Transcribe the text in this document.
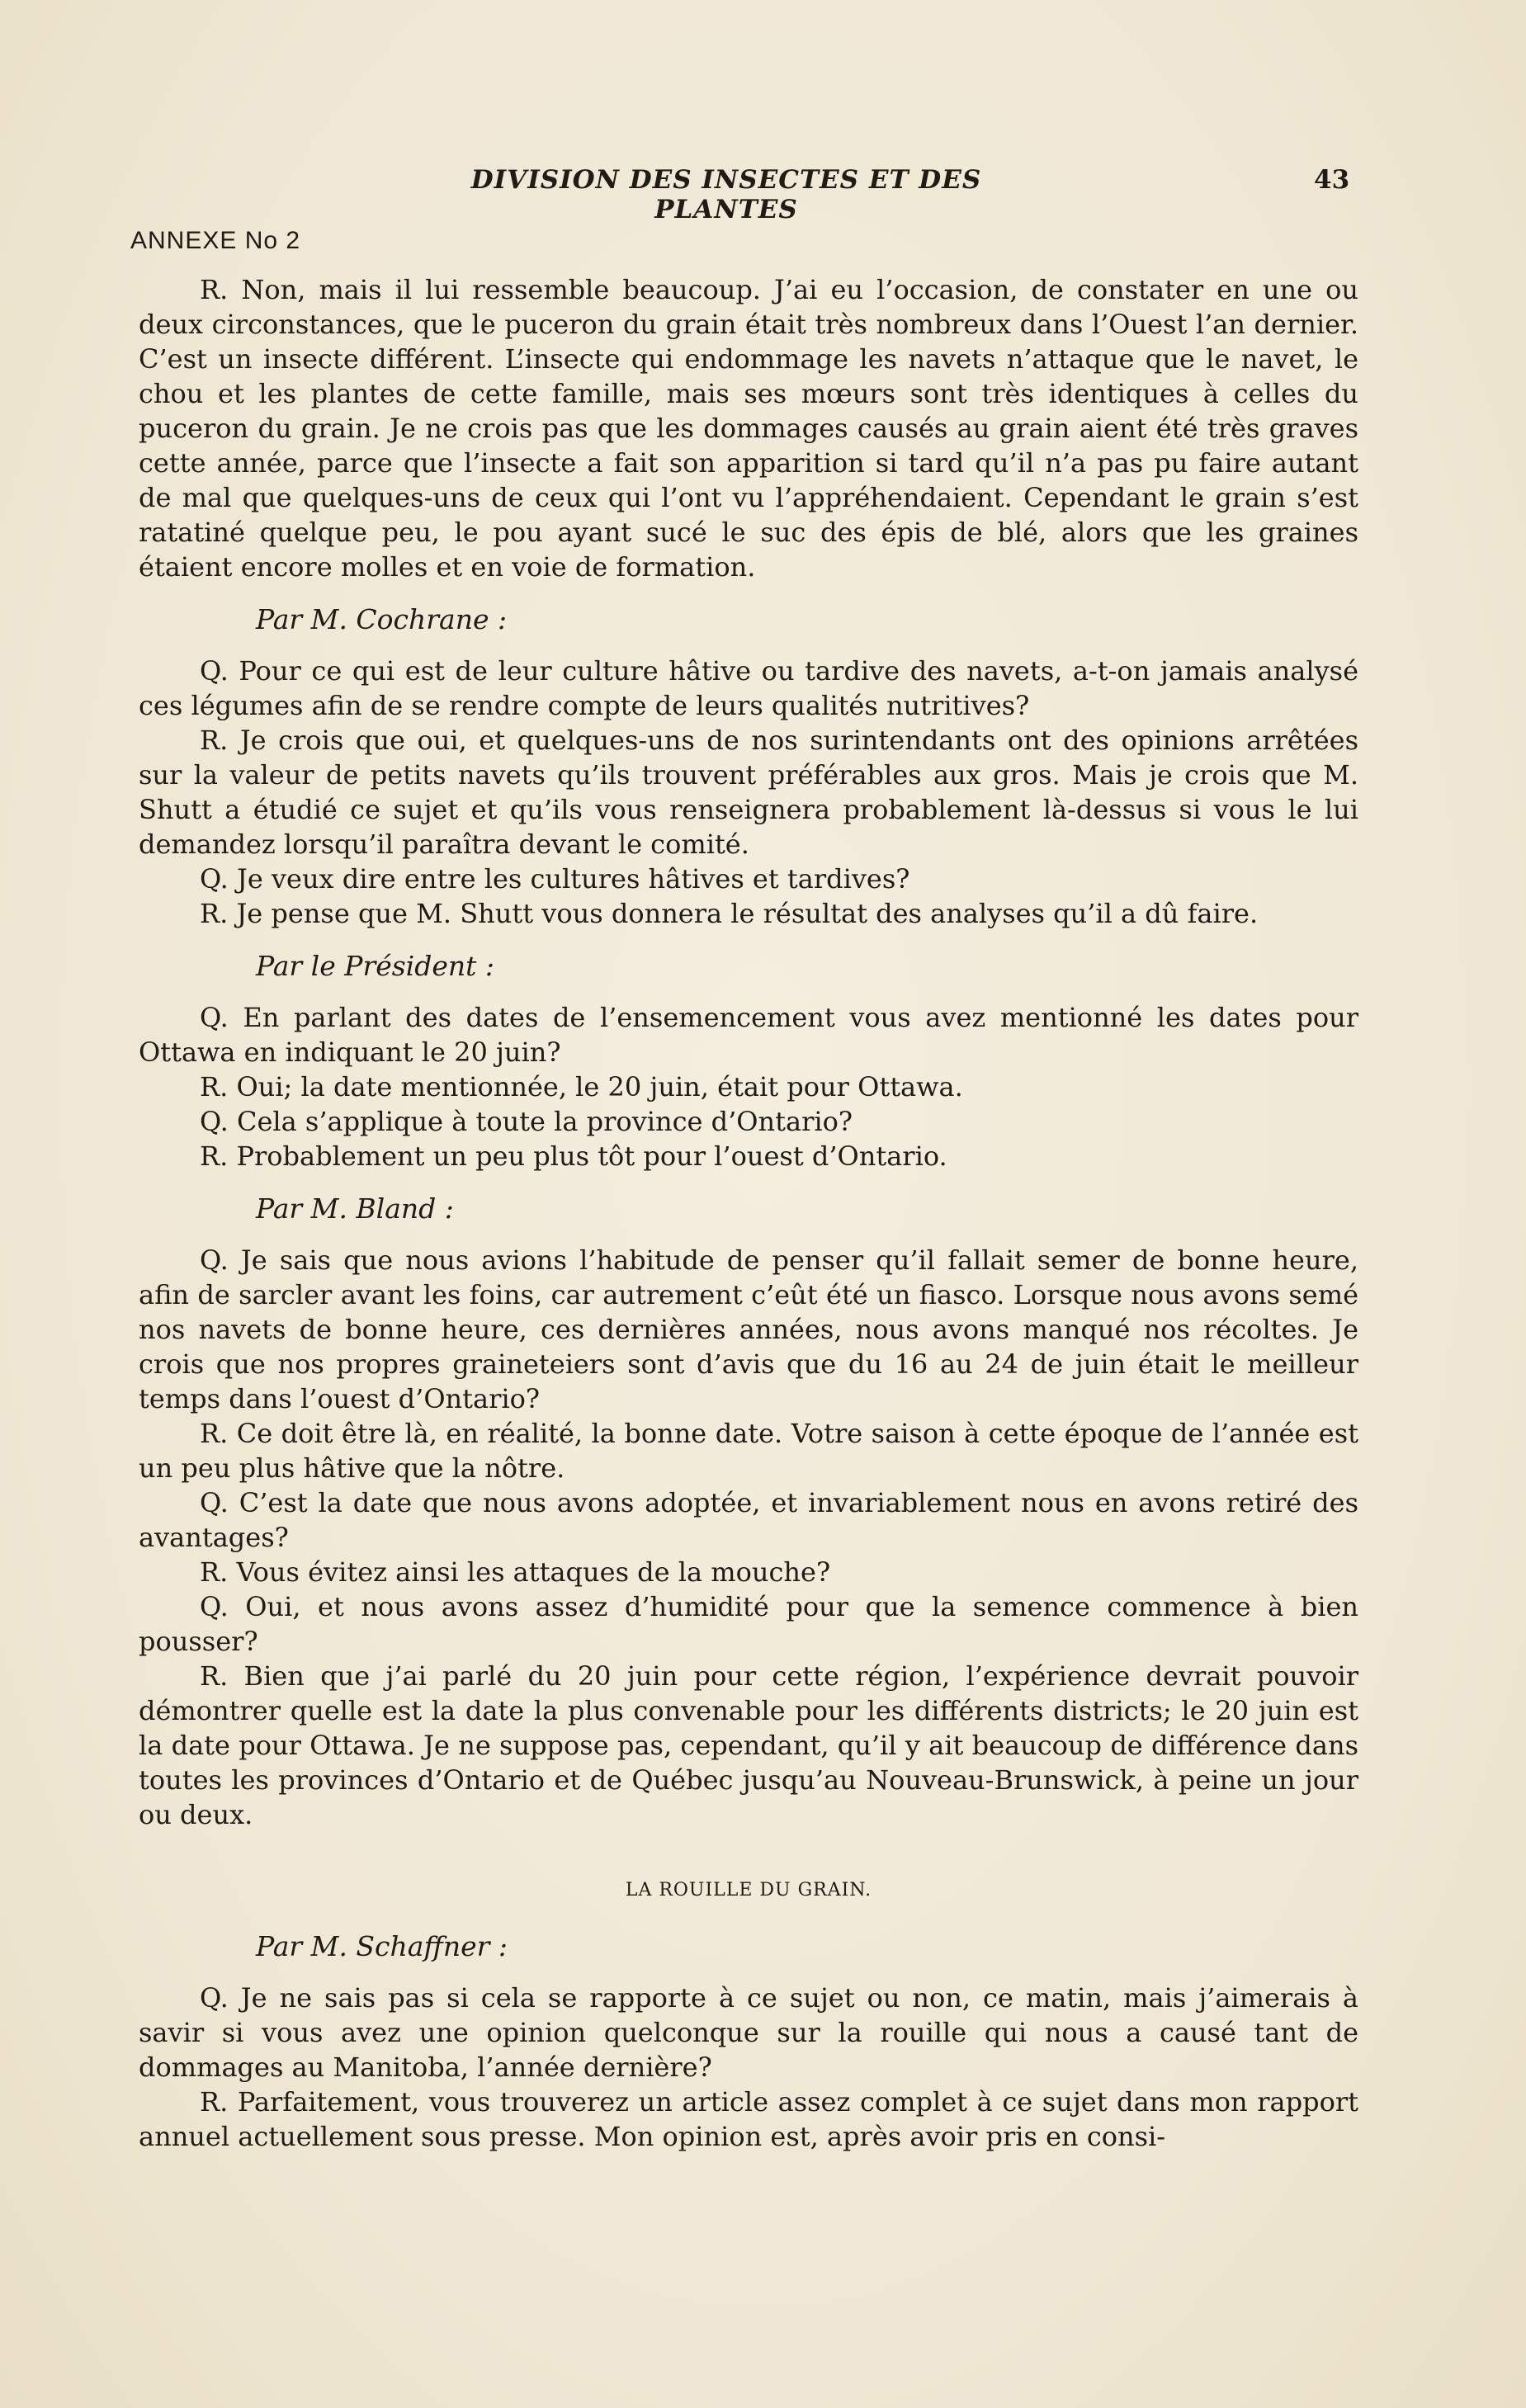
DIVISION DES INSECTES ET DES PLANTES
43
ANNEXE No 2

R. Non, mais il lui ressemble beaucoup. J’ai eu l’occasion, de constater en une ou deux circonstances, que le puceron du grain était très nombreux dans l’Ouest l’an dernier. C’est un insecte différent. L’insecte qui endommage les navets n’attaque que le navet, le chou et les plantes de cette famille, mais ses mœurs sont très identiques à celles du puceron du grain. Je ne crois pas que les dommages causés au grain aient été très graves cette année, parce que l’insecte a fait son apparition si tard qu’il n’a pas pu faire autant de mal que quelques-uns de ceux qui l’ont vu l’appréhendaient. Cependant le grain s’est ratatiné quelque peu, le pou ayant sucé le suc des épis de blé, alors que les graines étaient encore molles et en voie de formation.

Par M. Cochrane :

Q. Pour ce qui est de leur culture hâtive ou tardive des navets, a-t-on jamais analysé ces légumes afin de se rendre compte de leurs qualités nutritives?

R. Je crois que oui, et quelques-uns de nos surintendants ont des opinions arrêtées sur la valeur de petits navets qu’ils trouvent préférables aux gros. Mais je crois que M. Shutt a étudié ce sujet et qu’ils vous renseignera probablement là-dessus si vous le lui demandez lorsqu’il paraîtra devant le comité.

Q. Je veux dire entre les cultures hâtives et tardives?

R. Je pense que M. Shutt vous donnera le résultat des analyses qu’il a dû faire.

Par le Président :

Q. En parlant des dates de l’ensemencement vous avez mentionné les dates pour Ottawa en indiquant le 20 juin?

R. Oui; la date mentionnée, le 20 juin, était pour Ottawa.

Q. Cela s’applique à toute la province d’Ontario?

R. Probablement un peu plus tôt pour l’ouest d’Ontario.

Par M. Bland :

Q. Je sais que nous avions l’habitude de penser qu’il fallait semer de bonne heure, afin de sarcler avant les foins, car autrement c’eût été un fiasco. Lorsque nous avons semé nos navets de bonne heure, ces dernières années, nous avons manqué nos récoltes. Je crois que nos propres graineteiers sont d’avis que du 16 au 24 de juin était le meilleur temps dans l’ouest d’Ontario?

R. Ce doit être là, en réalité, la bonne date. Votre saison à cette époque de l’année est un peu plus hâtive que la nôtre.

Q. C’est la date que nous avons adoptée, et invariablement nous en avons retiré des avantages?

R. Vous évitez ainsi les attaques de la mouche?

Q. Oui, et nous avons assez d’humidité pour que la semence commence à bien pousser?

R. Bien que j’ai parlé du 20 juin pour cette région, l’expérience devrait pouvoir démontrer quelle est la date la plus convenable pour les différents districts; le 20 juin est la date pour Ottawa. Je ne suppose pas, cependant, qu’il y ait beaucoup de différence dans toutes les provinces d’Ontario et de Québec jusqu’au Nouveau-Brunswick, à peine un jour ou deux.

LA ROUILLE DU GRAIN.

Par M. Schaffner :

Q. Je ne sais pas si cela se rapporte à ce sujet ou non, ce matin, mais j’aimerais à savir si vous avez une opinion quelconque sur la rouille qui nous a causé tant de dommages au Manitoba, l’année dernière?

R. Parfaitement, vous trouverez un article assez complet à ce sujet dans mon rapport annuel actuellement sous presse. Mon opinion est, après avoir pris en consi-
